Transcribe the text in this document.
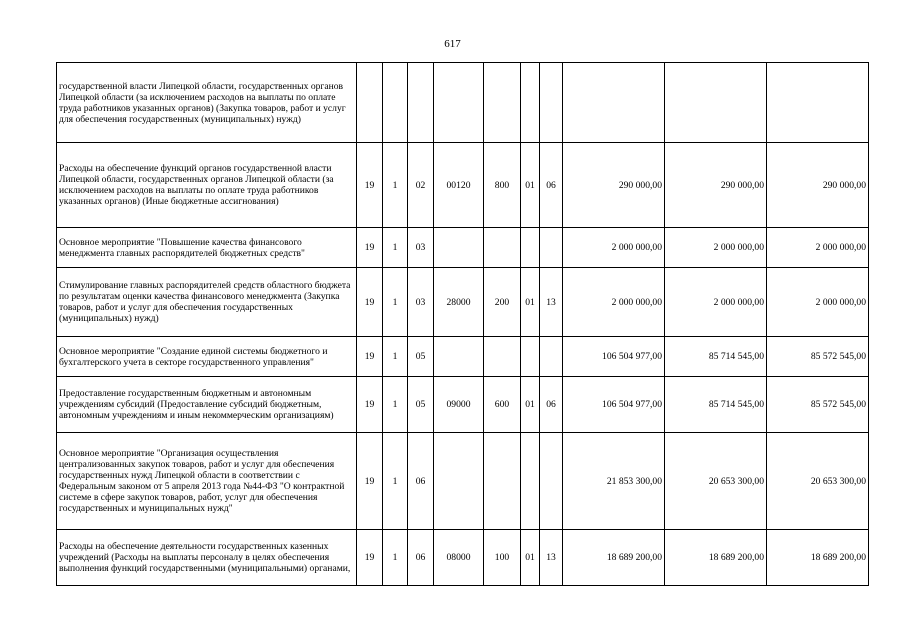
617
государственной власти Липецкой области, государственных органов Липецкой области (за исключением расходов на выплаты по оплате труда работников указанных органов) (Закупка товаров, работ и услуг для обеспечения государственных (муниципальных) нужд)										
Расходы на обеспечение функций органов государственной власти Липецкой области, государственных органов Липецкой области (за исключением расходов на выплаты по оплате труда работников указанных органов) (Иные бюджетные ассигнования)	19	1	02	00120	800	01	06	290 000,00	290 000,00	290 000,00
Основное мероприятие "Повышение качества финансового менеджмента главных распорядителей бюджетных средств"	19	1	03					2 000 000,00	2 000 000,00	2 000 000,00
Стимулирование главных распорядителей средств областного бюджета по результатам оценки качества финансового менеджмента (Закупка товаров, работ и услуг для обеспечения государственных (муниципальных) нужд)	19	1	03	28000	200	01	13	2 000 000,00	2 000 000,00	2 000 000,00
Основное мероприятие "Создание единой системы бюджетного и бухгалтерского учета в секторе государственного управления"	19	1	05					106 504 977,00	85 714 545,00	85 572 545,00
Предоставление государственным бюджетным и автономным учреждениям субсидий (Предоставление субсидий бюджетным, автономным учреждениям и иным некоммерческим организациям)	19	1	05	09000	600	01	06	106 504 977,00	85 714 545,00	85 572 545,00
Основное мероприятие "Организация осуществления централизованных закупок товаров, работ и услуг для обеспечения государственных нужд Липецкой области в соответствии с Федеральным законом от 5 апреля 2013 года №44-ФЗ "О контрактной системе в сфере закупок товаров, работ, услуг для обеспечения государственных и муниципальных нужд"	19	1	06					21 853 300,00	20 653 300,00	20 653 300,00
Расходы на обеспечение деятельности государственных казенных учреждений (Расходы на выплаты персоналу в целях обеспечения выполнения функций государственными (муниципальными) органами,	19	1	06	08000	100	01	13	18 689 200,00	18 689 200,00	18 689 200,00
